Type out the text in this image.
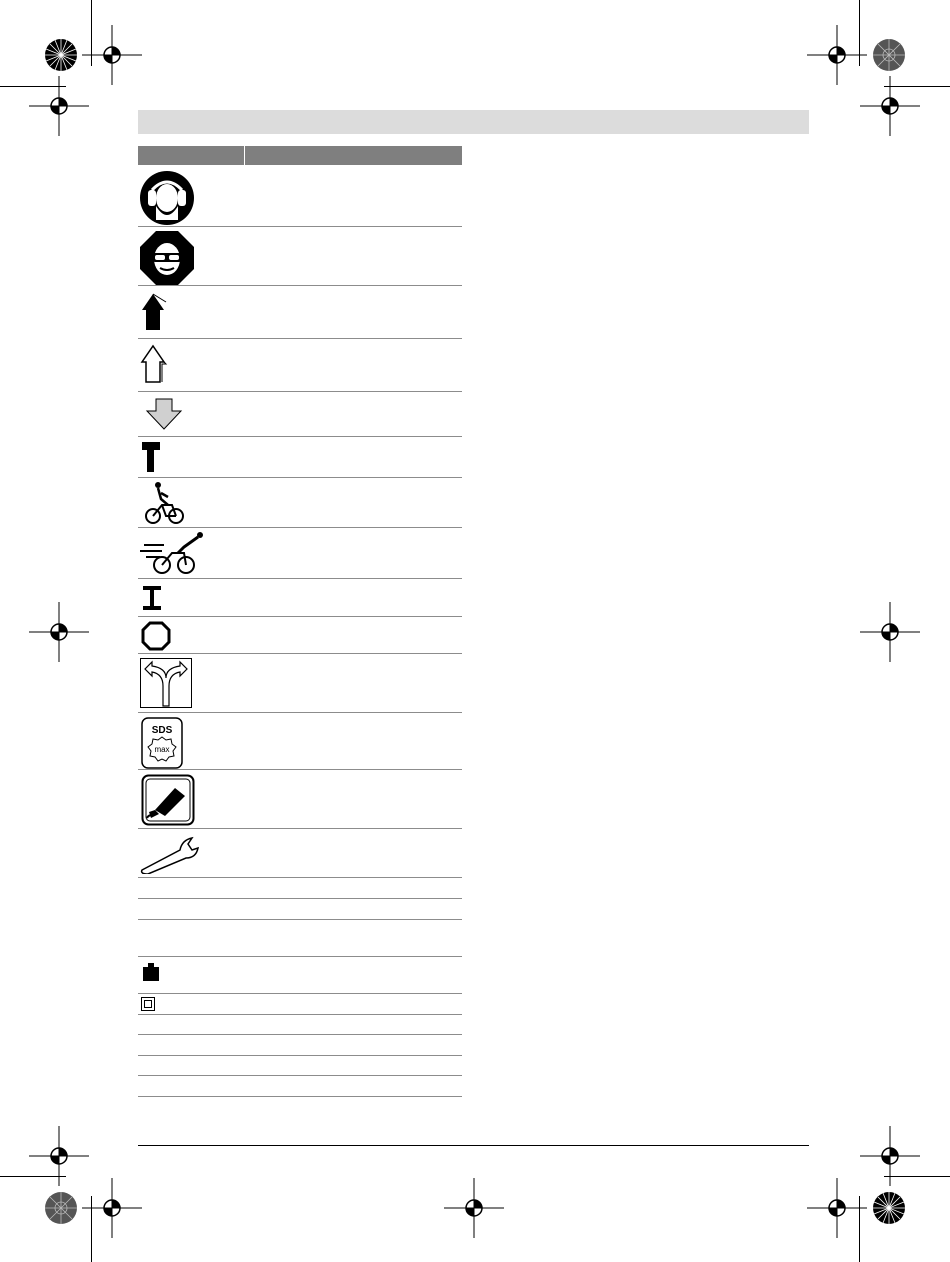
SDS
max
